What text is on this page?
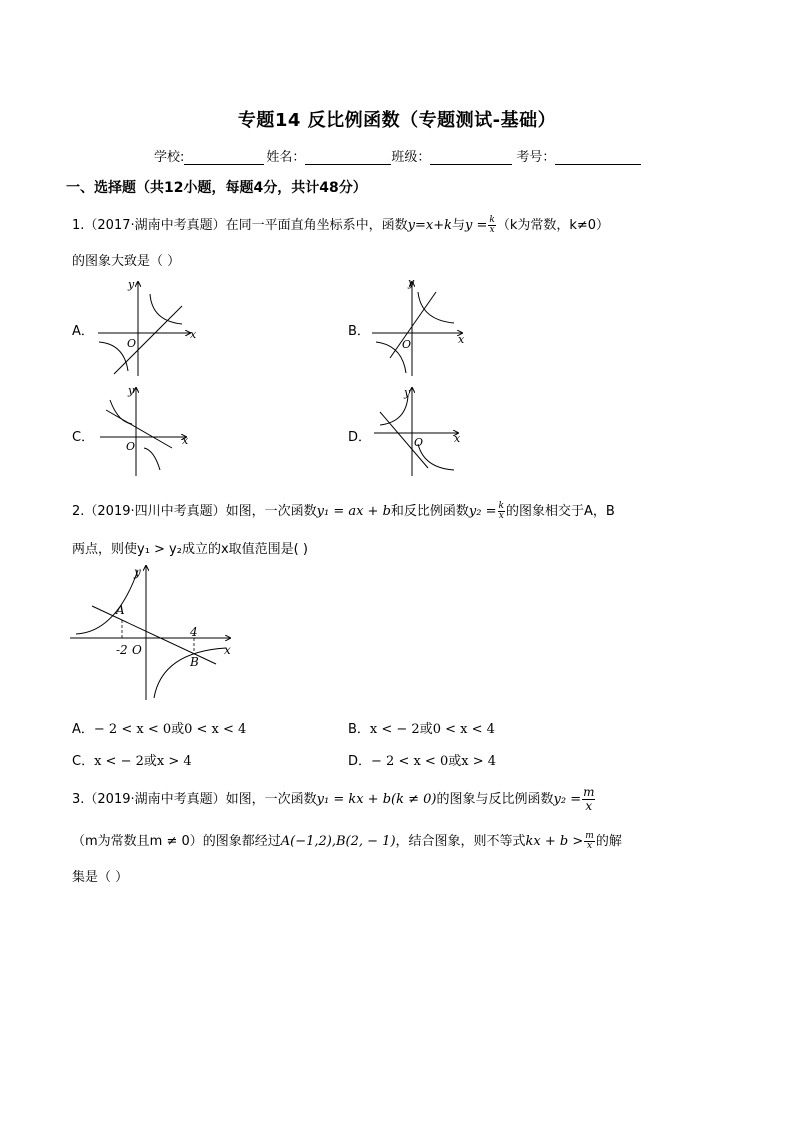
专题14 反比例函数（专题测试-基础）
学校:	姓名：	班级：	考号：
一、选择题（共12小题，每题4分，共计48分）
1.（2017·湖南中考真题）在同一平面直角坐标系中，函数y=x+k与$y = \frac{k}{x} (k$为常数，k≠0）
的图象大致是（ ）
A．	x
y
O
B．
x
y
O
C．	x
y
O
D．	x
y
O
2.（2019·四川中考真题）如图，一次函数y₁ = ax + b和反比例函数$y_2 = \frac{k}{x}$ 的图象相交于A，B
两点，则使y₁ > y₂成立的x取值范围是( )
x
y
O
A
B
-2
4
A．− 2 < x < 0或0 < x < 4	B．x < − 2或0 < x < 4
C．x < − 2或x > 4	D．− 2 < x < 0或x > 4
3.（2019·湖南中考真题）如图，一次函数y₁ = kx + b(k ≠ 0)的图象与反比例函数$y_2 = \frac{m}{x}$
（m为常数且m ≠ 0）的图象都经过A(−1,2),B(2, − 1)，结合图象，则不等式kx + $b > \frac{m}{x}$ 的解
集是（ ）
